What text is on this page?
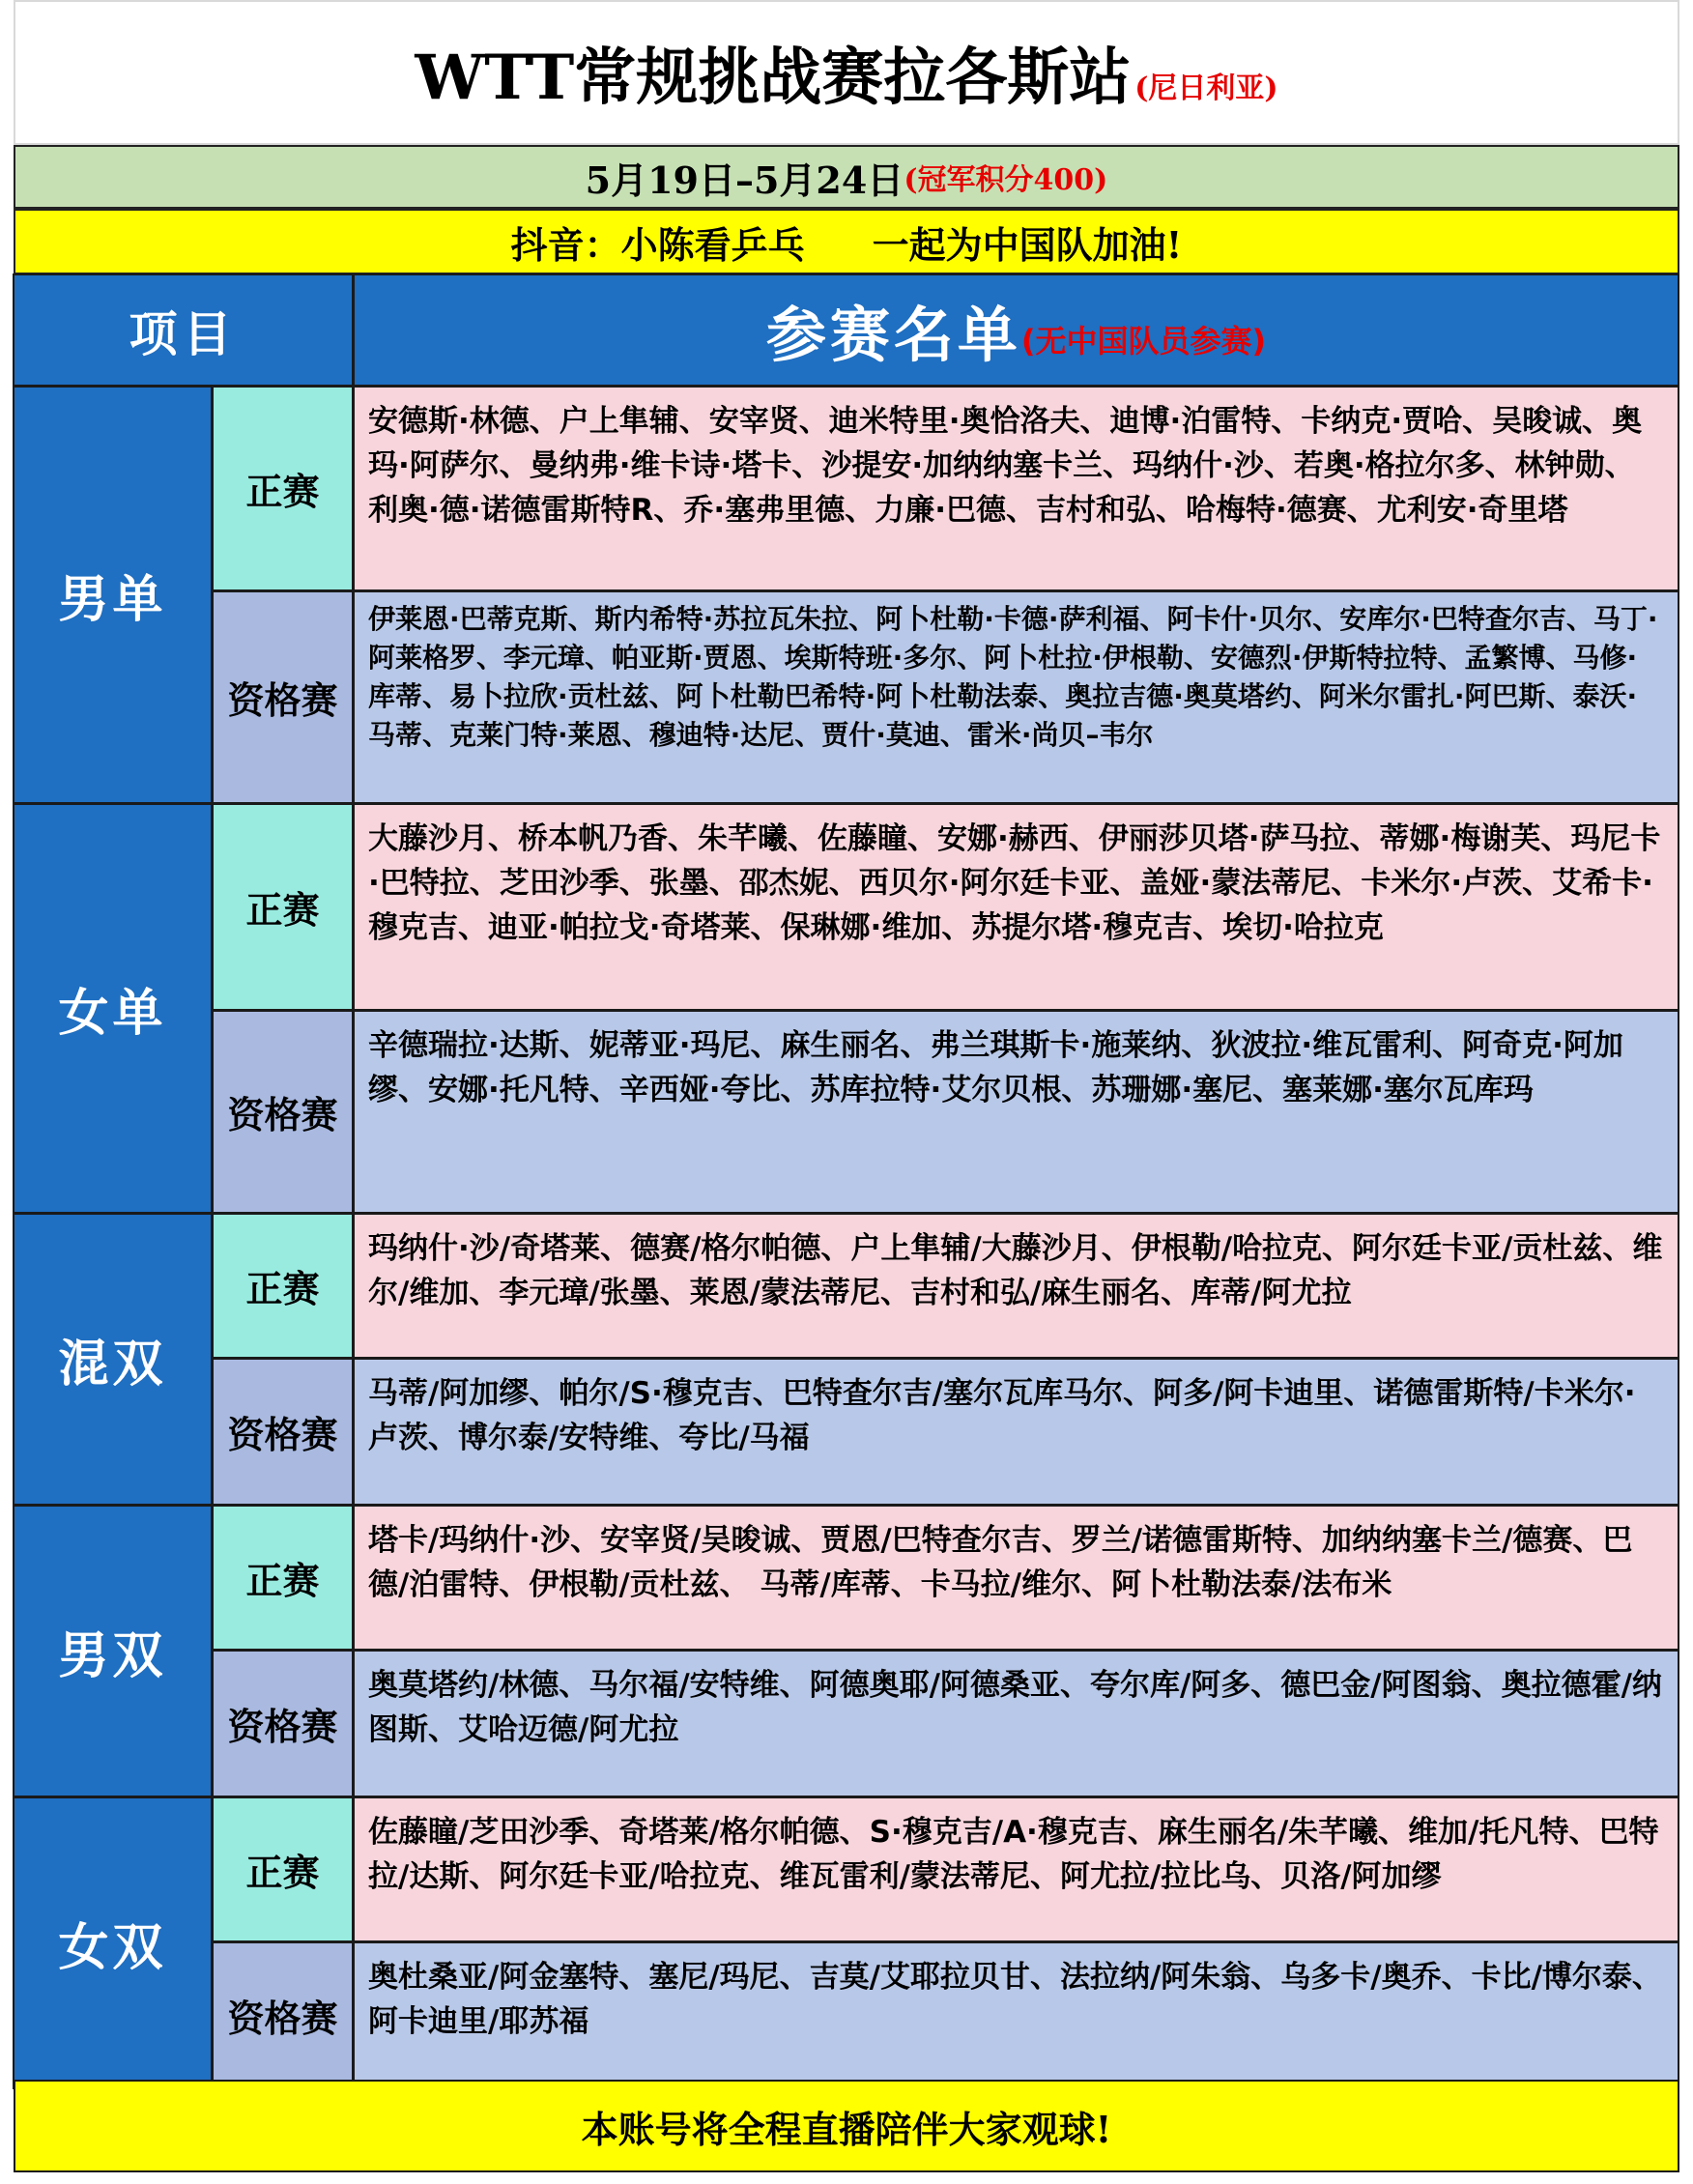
WTT常规挑战赛拉各斯站 (尼日利亚)
5月19日–5月24日 (冠军积分400)
抖音：小陈看乒乓 一起为中国队加油!
项目	参赛名单 (无中国队员参赛)
男单
正赛
安德斯·林德、户上隼辅、安宰贤、迪米特里·奥恰洛夫、迪博·泊雷特、卡纳克·贾哈、吴晙诚、奥玛·阿萨尔、曼纳弗·维卡诗·塔卡、沙提安·加纳纳塞卡兰、玛纳什·沙、若奥·格拉尔多、林钟勋、利奥·德·诺德雷斯特R、乔·塞弗里德、力廉·巴德、吉村和弘、哈梅特·德赛、尤利安·奇里塔
资格赛
伊莱恩·巴蒂克斯、斯内希特·苏拉瓦朱拉、阿卜杜勒·卡德·萨利福、阿卡什·贝尔、安库尔·巴特查尔吉、马丁·阿莱格罗、李元璋、帕亚斯·贾恩、埃斯特班·多尔、阿卜杜拉·伊根勒、安德烈·伊斯特拉特、孟繁博、马修·库蒂、易卜拉欣·贡杜兹、阿卜杜勒巴希特·阿卜杜勒法泰、奥拉吉德·奥莫塔约、阿米尔雷扎·阿巴斯、泰沃·马蒂、克莱门特·莱恩、穆迪特·达尼、贾什·莫迪、雷米·尚贝–韦尔
女单
正赛
大藤沙月、桥本帆乃香、朱芊曦、佐藤瞳、安娜·赫西、伊丽莎贝塔·萨马拉、蒂娜·梅谢芙、玛尼卡·巴特拉、芝田沙季、张墨、邵杰妮、西贝尔·阿尔廷卡亚、盖娅·蒙法蒂尼、卡米尔·卢茨、艾希卡·穆克吉、迪亚·帕拉戈·奇塔莱、保琳娜·维加、苏提尔塔·穆克吉、埃切·哈拉克
资格赛
辛德瑞拉·达斯、妮蒂亚·玛尼、麻生丽名、弗兰琪斯卡·施莱纳、狄波拉·维瓦雷利、阿奇克·阿加缪、安娜·托凡特、辛西娅·夸比、苏库拉特·艾尔贝根、苏珊娜·塞尼、塞莱娜·塞尔瓦库玛
混双
正赛
玛纳什·沙/奇塔莱、德赛/格尔帕德、户上隼辅/大藤沙月、伊根勒/哈拉克、阿尔廷卡亚/贡杜兹、维尔/维加、李元璋/张墨、莱恩/蒙法蒂尼、吉村和弘/麻生丽名、库蒂/阿尤拉
资格赛
马蒂/阿加缪、帕尔/S·穆克吉、巴特查尔吉/塞尔瓦库马尔、阿多/阿卡迪里、诺德雷斯特/卡米尔·卢茨、博尔泰/安特维、夸比/马福
男双
正赛
塔卡/玛纳什·沙、安宰贤/吴晙诚、贾恩/巴特查尔吉、罗兰/诺德雷斯特、加纳纳塞卡兰/德赛、巴德/泊雷特、伊根勒/贡杜兹、 马蒂/库蒂、卡马拉/维尔、阿卜杜勒法泰/法布米
资格赛
奥莫塔约/林德、马尔福/安特维、阿德奥耶/阿德桑亚、夸尔库/阿多、德巴金/阿图翁、奥拉德霍/纳图斯、艾哈迈德/阿尤拉
女双
正赛
佐藤瞳/芝田沙季、奇塔莱/格尔帕德、S·穆克吉/A·穆克吉、麻生丽名/朱芊曦、维加/托凡特、巴特拉/达斯、阿尔廷卡亚/哈拉克、维瓦雷利/蒙法蒂尼、阿尤拉/拉比乌、贝洛/阿加缪
资格赛
奥杜桑亚/阿金塞特、塞尼/玛尼、吉莫/艾耶拉贝甘、法拉纳/阿朱翁、乌多卡/奥乔、卡比/博尔泰、阿卡迪里/耶苏福
本账号将全程直播陪伴大家观球!
